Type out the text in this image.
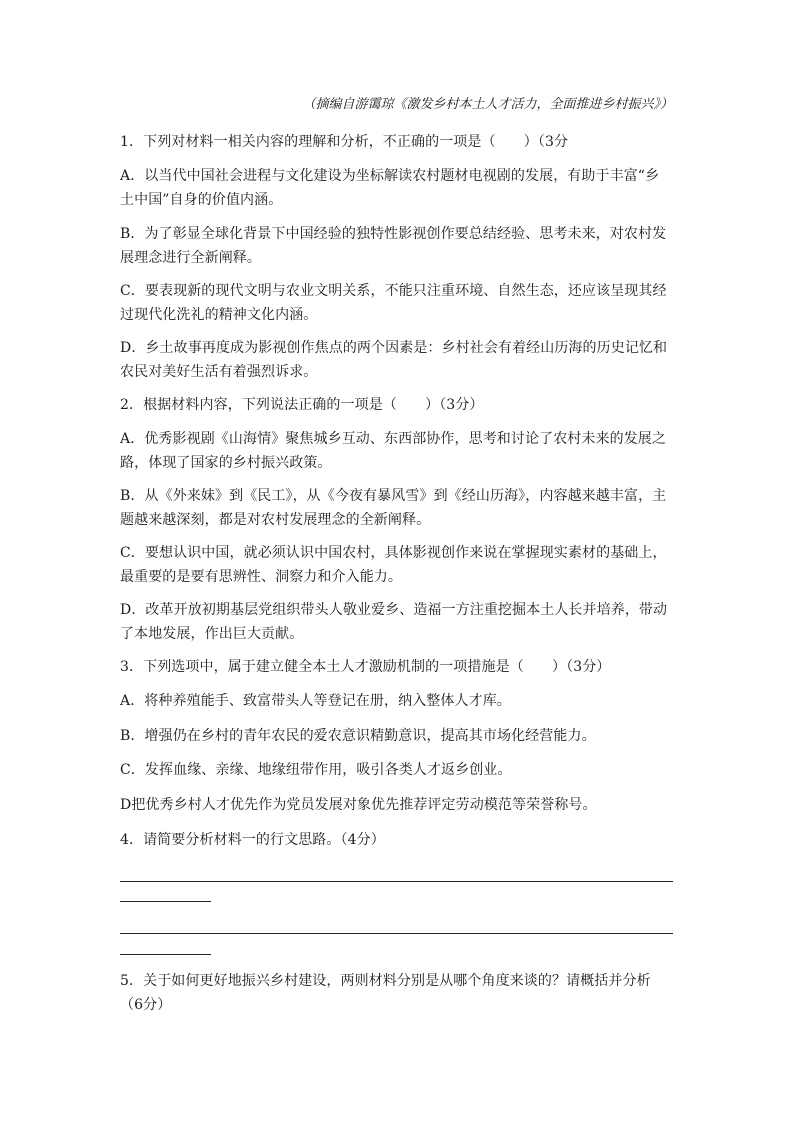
（摘编自游霭琼《激发乡村本土人才活力，全面推进乡村振兴》）
1．下列对材料一相关内容的理解和分析，不正确的一项是（　　）（3分
A．以当代中国社会进程与文化建设为坐标解读农村题材电视剧的发展，有助于丰富“乡土中国”自身的价值内涵。
B．为了彰显全球化背景下中国经验的独特性影视创作要总结经验、思考未来，对农村发展理念进行全新阐释。
C．要表现新的现代文明与农业文明关系，不能只注重环境、自然生态，还应该呈现其经过现代化洗礼的精神文化内涵。
D．乡土故事再度成为影视创作焦点的两个因素是：乡村社会有着经山历海的历史记忆和农民对美好生活有着强烈诉求。
2．根据材料内容，下列说法正确的一项是（　　）（3分）
A．优秀影视剧《山海情》聚焦城乡互动、东西部协作，思考和讨论了农村未来的发展之路，体现了国家的乡村振兴政策。
B．从《外来妹》到《民工》，从《今夜有暴风雪》到《经山历海》，内容越来越丰富，主题越来越深刻，都是对农村发展理念的全新阐释。
C．要想认识中国，就必须认识中国农村，具体影视创作来说在掌握现实素材的基础上，最重要的是要有思辨性、洞察力和介入能力。
D．改革开放初期基层党组织带头人敬业爱乡、造福一方注重挖掘本土人长并培养，带动了本地发展，作出巨大贡献。
3．下列选项中，属于建立健全本土人才激励机制的一项措施是（　　）（3分）
A．将种养殖能手、致富带头人等登记在册，纳入整体人才库。
B．增强仍在乡村的青年农民的爱农意识精勤意识，提高其市场化经营能力。
C．发挥血缘、亲缘、地缘纽带作用，吸引各类人才返乡创业。
D把优秀乡村人才优先作为党员发展对象优先推荐评定劳动模范等荣誉称号。
4．请简要分析材料一的行文思路。（4分）
5．关于如何更好地振兴乡村建设，两则材料分别是从哪个角度来谈的？请概括并分析（6分）
